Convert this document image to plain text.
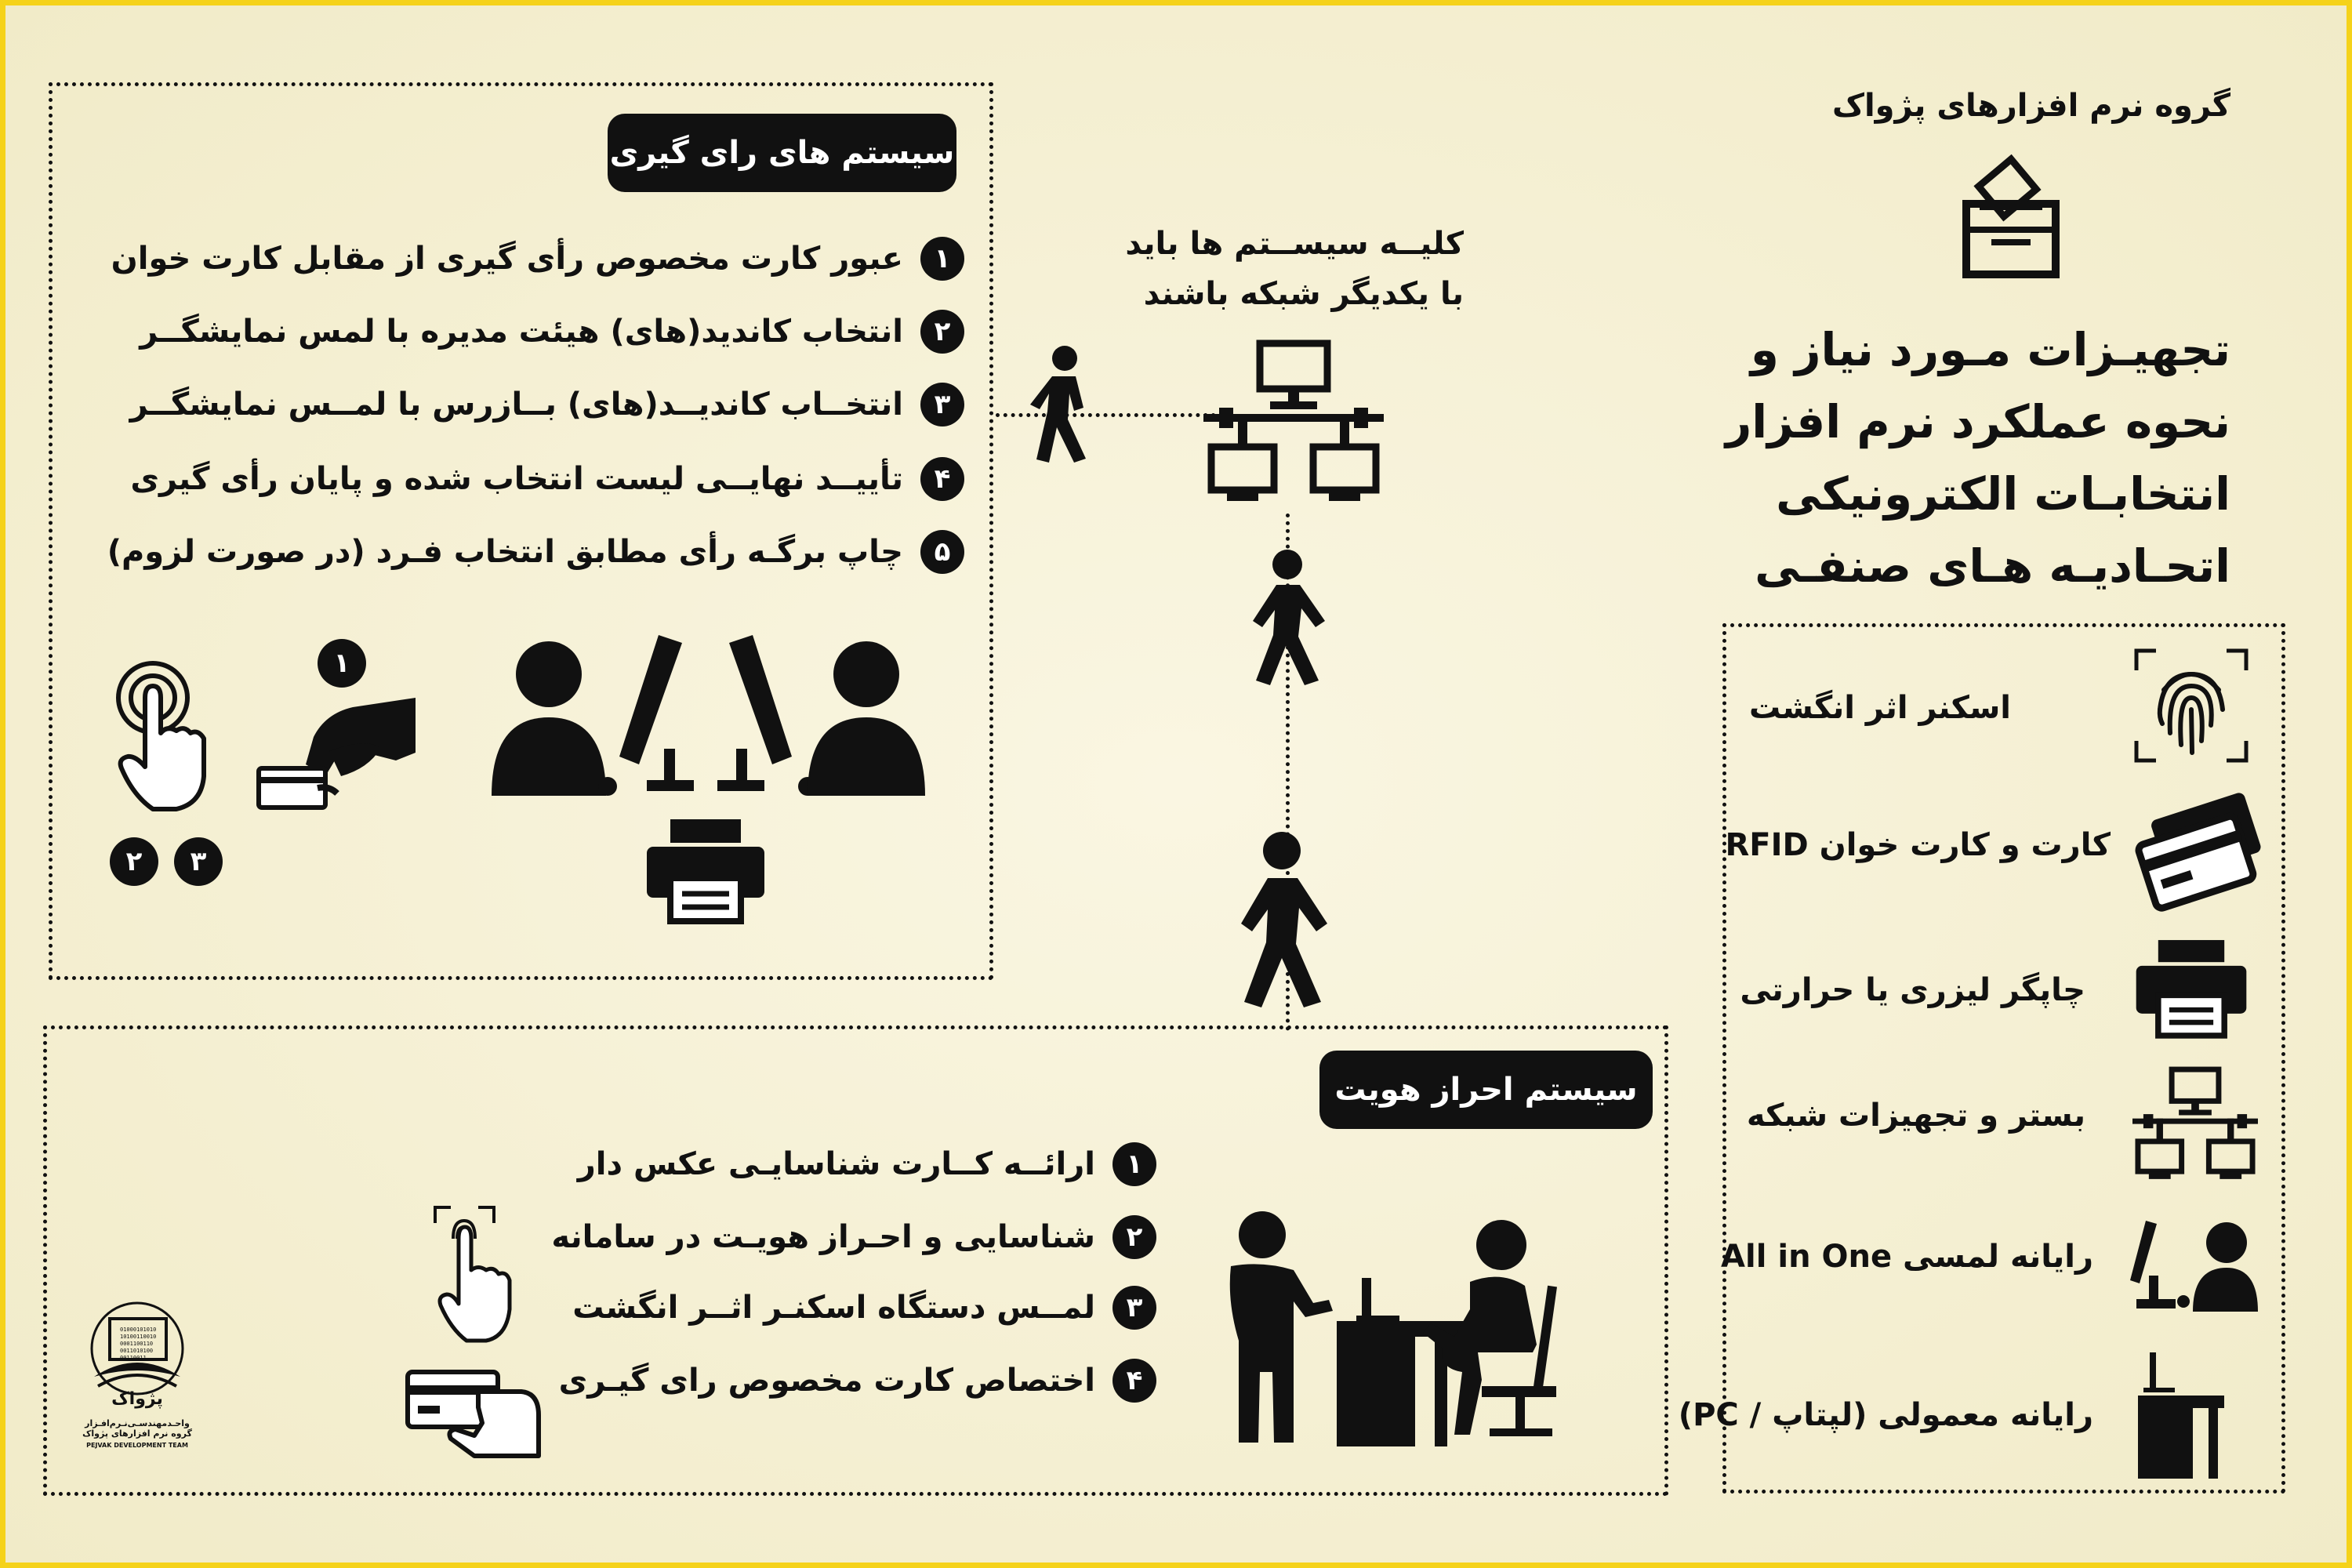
گروه نرم افزارهای پژواک
تجهیـزات مـورد نیاز و
نحوه عملکرد نرم افزار
انتخابـات الکترونیکی
اتحـادیـه هـای صنفـی
سیستم های رای گیری
۱
عبور کارت مخصوص رأی گیری از مقابل کارت خوان
۲
انتخاب کاندید(های) هیئت مدیره با لمس نمایشگــر
۳
انتخــاب کاندیــد(های) بــازرس با لمــس نمایشگــر
۴
تأییــد نهایــی لیست انتخاب شده و پایان رأی گیری
۵
چاپ برگـه رأی مطابق انتخاب فـرد (در صورت لزوم)
۲	۳
۱
کلیــه سیســتم ها باید
با یکدیگر شبکه باشند
سیستم احراز هویت
۱
ارائــه کــارت شناسایـی عکس دار
۲
شناسایی و احـراز هویـت در سامانه
۳
لمــس دستگاه اسکنـر اثــر انگشت
۴
اختصاص کارت مخصوص رای گیـری
01000101010
10100110010
0001100110
0011010100
00110011
پژواک
واحـدمهندسـی‌نـرم‌افـزار
گروه نرم افزارهای پژواک
PEJVAK DEVELOPMENT TEAM
اسکنر اثر انگشت
کارت و کارت خوان RFID
چاپگر لیزری یا حرارتی
بستر و تجهیزات شبکه
رایانه لمسی All in One
رایانه معمولی (لپتاپ / PC)
